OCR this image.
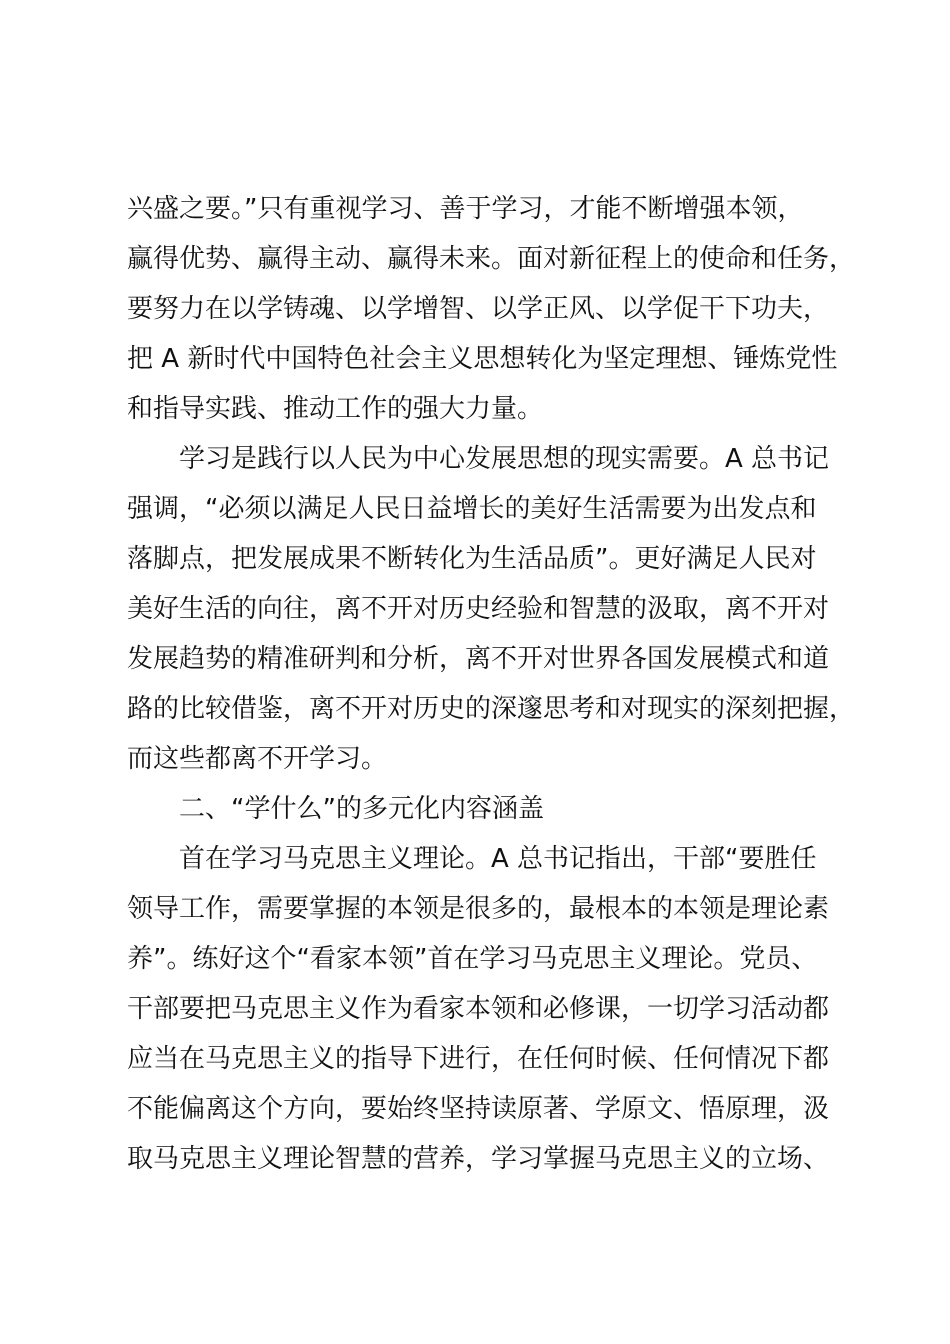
兴盛之要。”只有重视学习、善于学习，才能不断增强本领，
赢得优势、赢得主动、赢得未来。面对新征程上的使命和任务，
要努力在以学铸魂、以学增智、以学正风、以学促干下功夫，
把 A 新时代中国特色社会主义思想转化为坚定理想、锤炼党性
和指导实践、推动工作的强大力量。
学习是践行以人民为中心发展思想的现实需要。A 总书记
强调，“必须以满足人民日益增长的美好生活需要为出发点和
落脚点，把发展成果不断转化为生活品质”。更好满足人民对
美好生活的向往，离不开对历史经验和智慧的汲取，离不开对
发展趋势的精准研判和分析，离不开对世界各国发展模式和道
路的比较借鉴，离不开对历史的深邃思考和对现实的深刻把握，
而这些都离不开学习。
二、“学什么”的多元化内容涵盖
首在学习马克思主义理论。A 总书记指出，干部“要胜任
领导工作，需要掌握的本领是很多的，最根本的本领是理论素
养”。练好这个“看家本领”首在学习马克思主义理论。党员、
干部要把马克思主义作为看家本领和必修课，一切学习活动都
应当在马克思主义的指导下进行，在任何时候、任何情况下都
不能偏离这个方向，要始终坚持读原著、学原文、悟原理，汲
取马克思主义理论智慧的营养，学习掌握马克思主义的立场、
